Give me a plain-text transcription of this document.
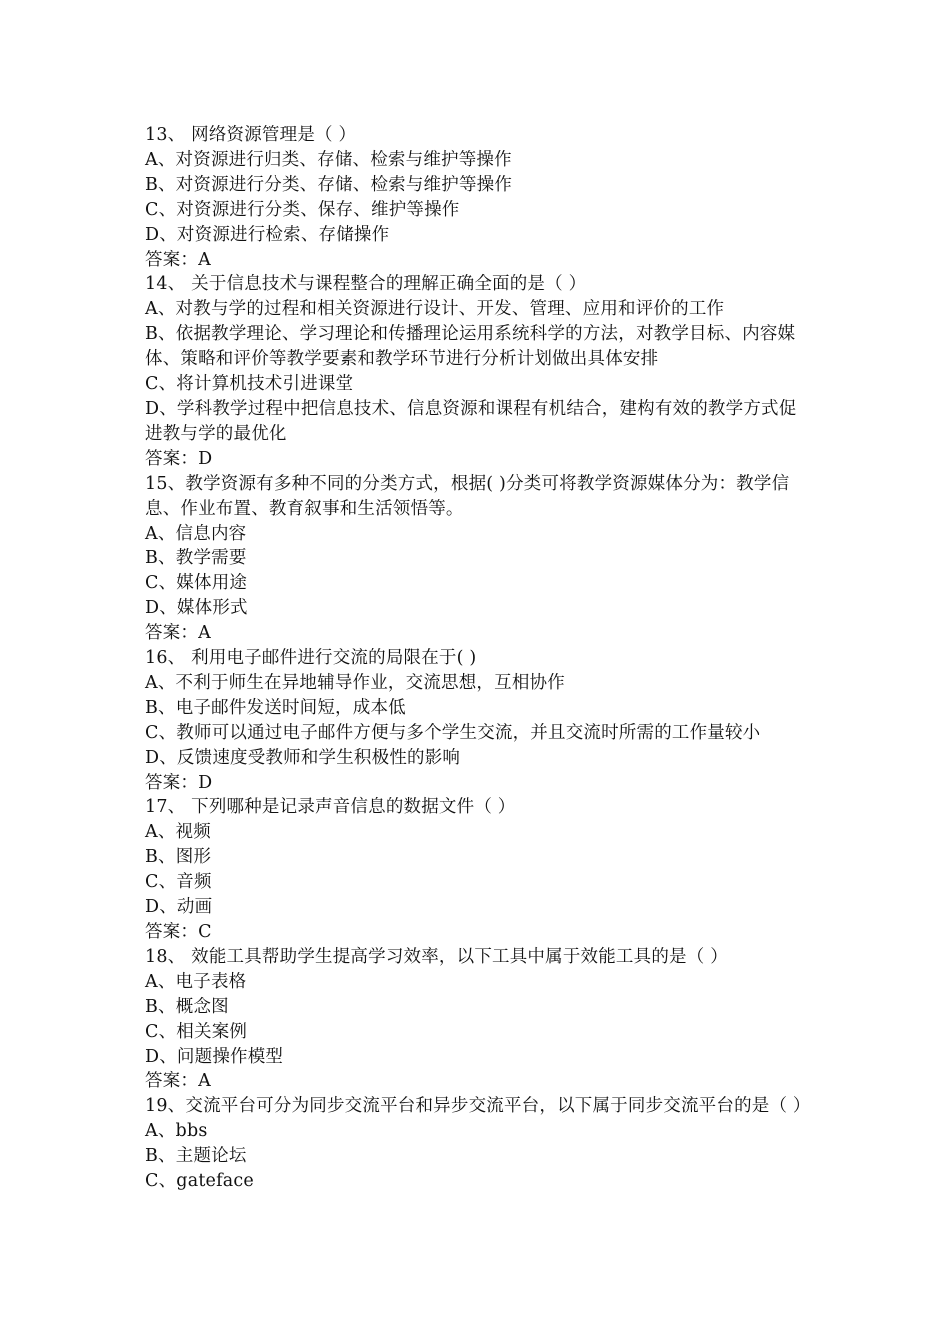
13、 网络资源管理是（ ）
A、对资源进行归类、存储、检索与维护等操作
B、对资源进行分类、存储、检索与维护等操作
C、对资源进行分类、保存、维护等操作
D、对资源进行检索、存储操作
答案：A
14、 关于信息技术与课程整合的理解正确全面的是（ ）
A、对教与学的过程和相关资源进行设计、开发、管理、应用和评价的工作
B、依据教学理论、学习理论和传播理论运用系统科学的方法，对教学目标、内容媒体、策略和评价等教学要素和教学环节进行分析计划做出具体安排
C、将计算机技术引进课堂
D、学科教学过程中把信息技术、信息资源和课程有机结合，建构有效的教学方式促进教与学的最优化
答案：D
15、教学资源有多种不同的分类方式，根据( )分类可将教学资源媒体分为：教学信息、作业布置、教育叙事和生活领悟等。
A、信息内容
B、教学需要
C、媒体用途
D、媒体形式
答案：A
16、 利用电子邮件进行交流的局限在于( )
A、不利于师生在异地辅导作业，交流思想，互相协作
B、电子邮件发送时间短，成本低
C、教师可以通过电子邮件方便与多个学生交流，并且交流时所需的工作量较小
D、反馈速度受教师和学生积极性的影响
答案：D
17、 下列哪种是记录声音信息的数据文件（ ）
A、视频
B、图形
C、音频
D、动画
答案：C
18、 效能工具帮助学生提高学习效率，以下工具中属于效能工具的是（ ）
A、电子表格
B、概念图
C、相关案例
D、问题操作模型
答案：A
19、交流平台可分为同步交流平台和异步交流平台，以下属于同步交流平台的是（ ）
A、bbs
B、主题论坛
C、gateface
